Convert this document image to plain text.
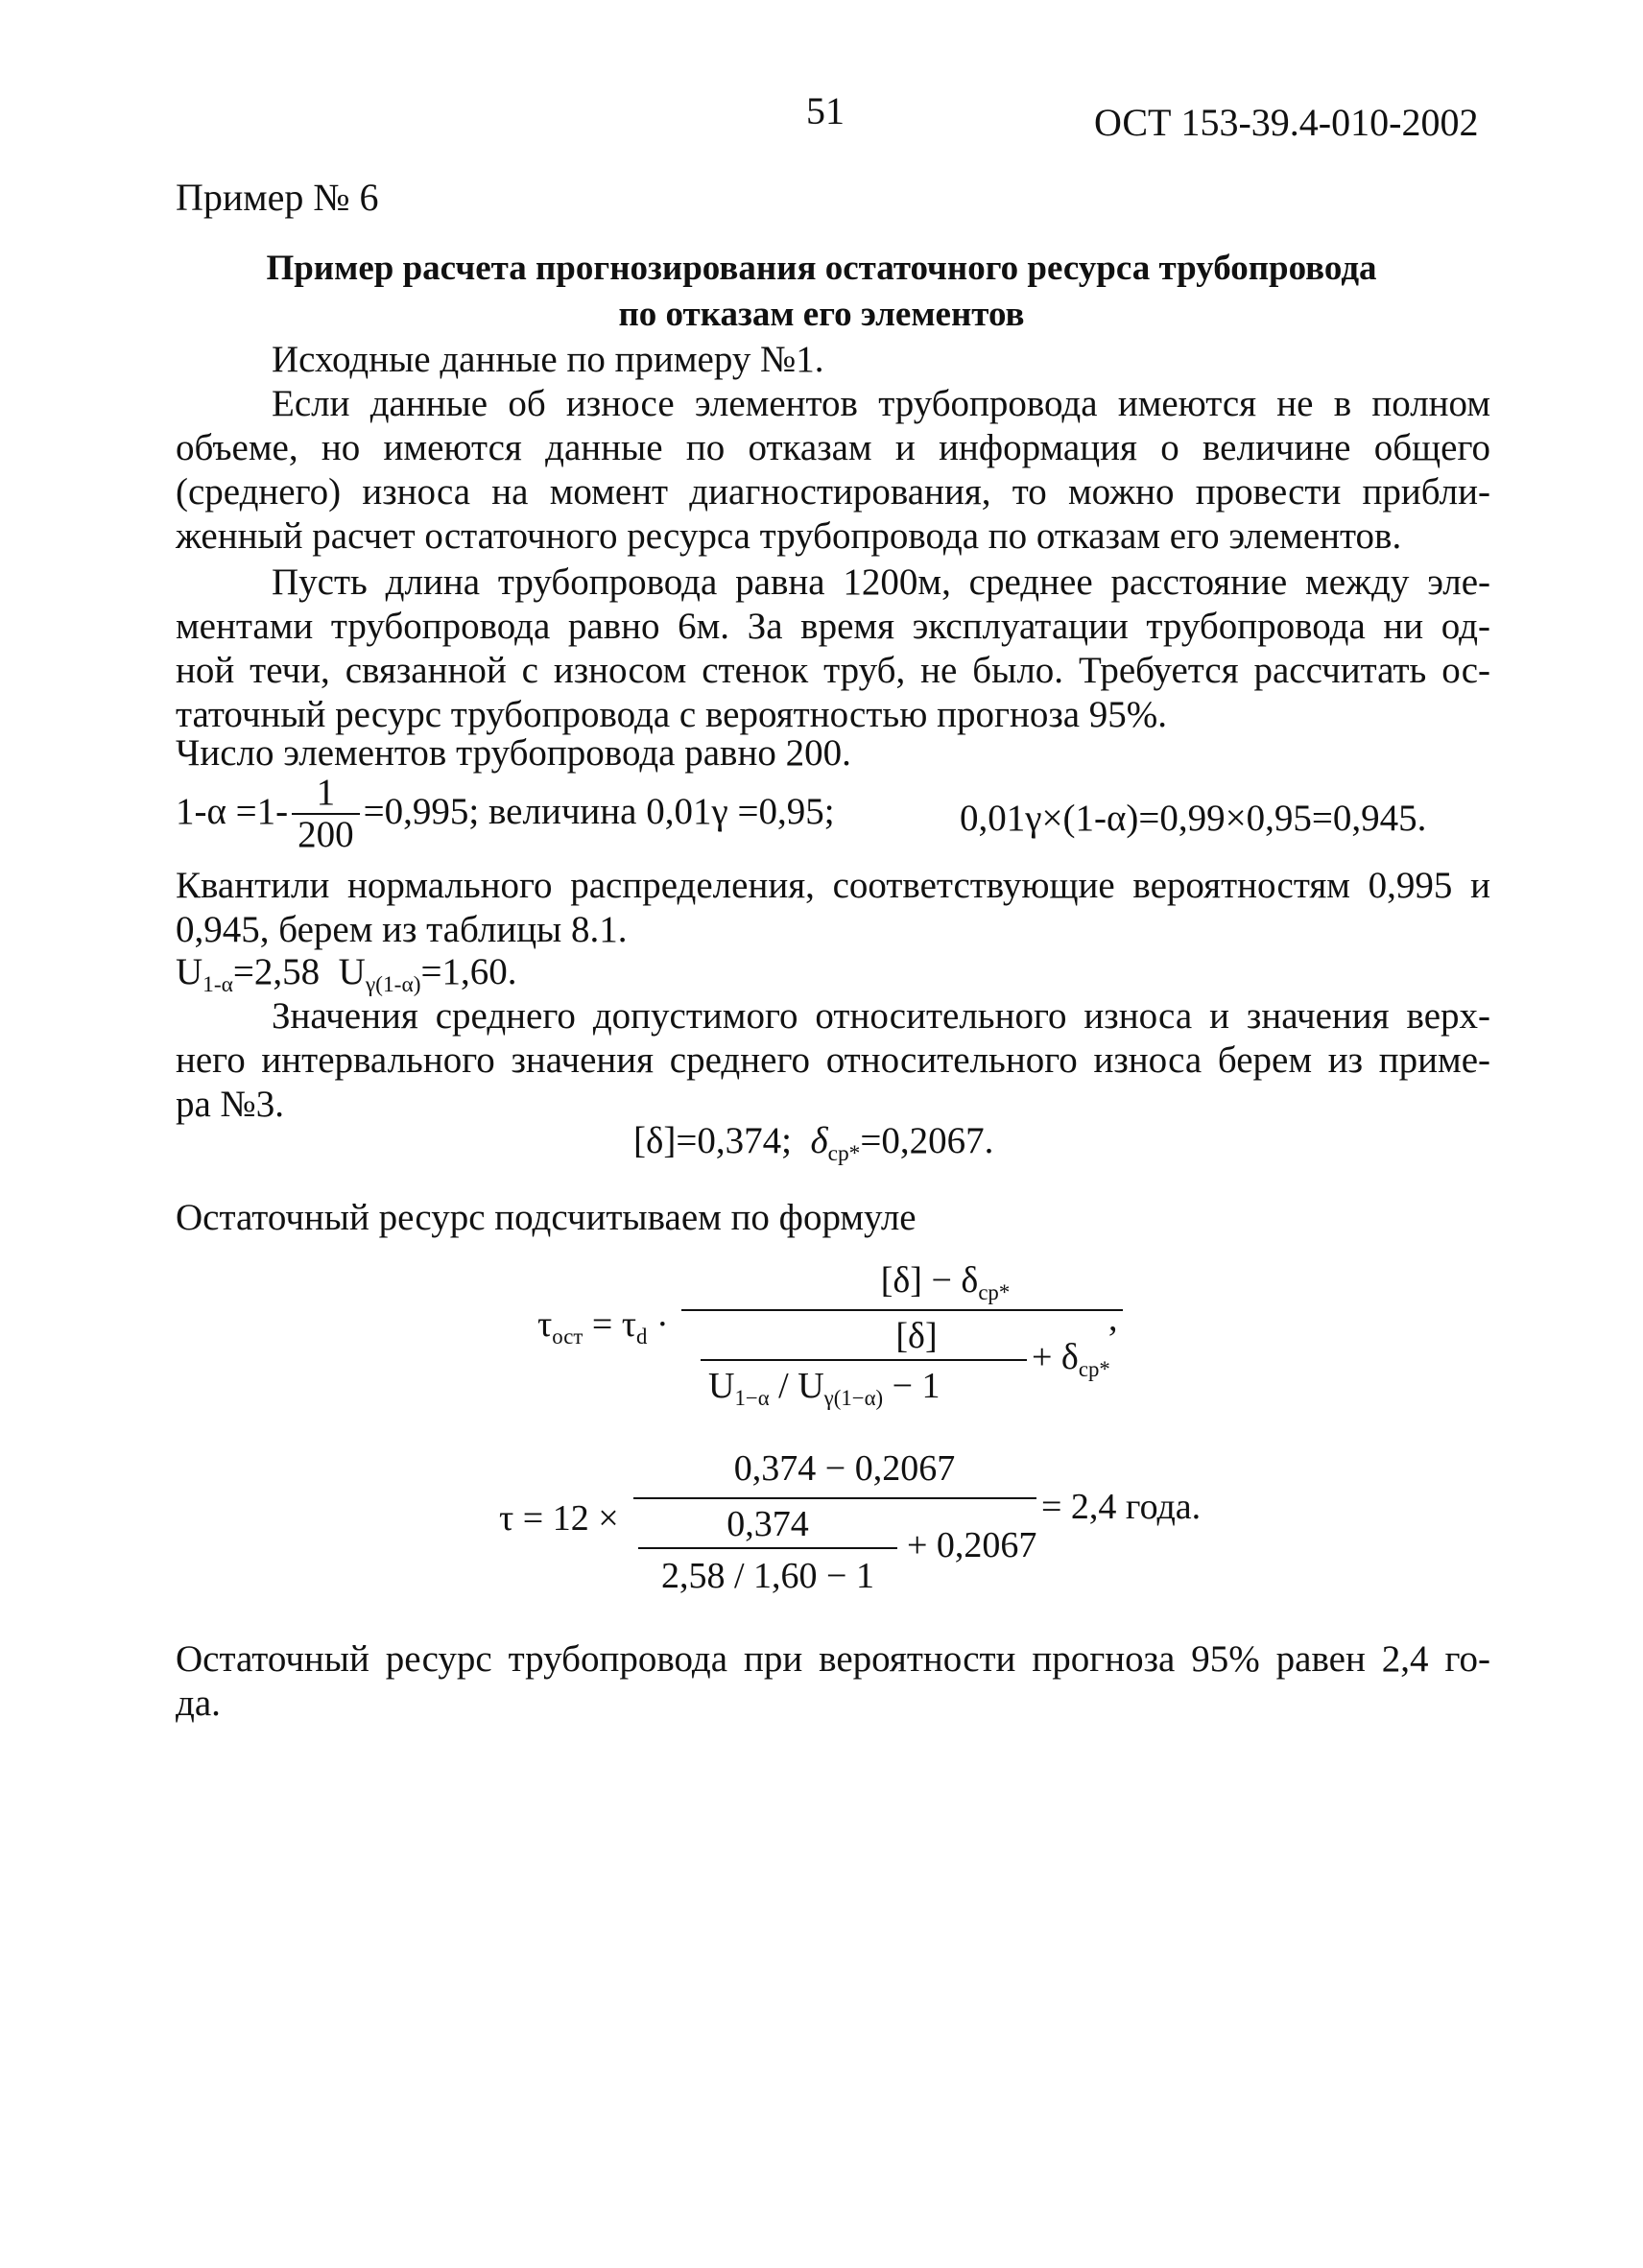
51	ОСТ 153-39.4-010-2002
Пример № 6
Пример расчета прогнозирования остаточного ресурса трубопровода
по отказам его элементов
Исходные данные по примеру №1.
Если данные об износе элементов трубопровода имеются не в полном
объеме, но имеются данные по отказам и информация о величине общего
(среднего) износа на момент диагностирования, то можно провести прибли-
женный расчет остаточного ресурса трубопровода по отказам его элементов.
Пусть длина трубопровода равна 1200м, среднее расстояние между эле-
ментами трубопровода равно 6м. За время эксплуатации трубопровода ни од-
ной течи, связанной с износом стенок труб, не было. Требуется рассчитать ос-
таточный ресурс трубопровода с вероятностью прогноза 95%.
Число элементов трубопровода равно 200.
$1-\alpha =1- \frac{1}{200} =0,995$; величина 0,01γ =0,95;	0,01γ×(1-α)=0,99×0,95=0,945.
Квантили нормального распределения, соответствующие вероятностям 0,995 и
0,945, берем из таблицы 8.1.
$U_{1-\alpha}=2,58$ $U_{\gamma(1-\alpha)}=1,60$.
Значения среднего допустимого относительного износа и значения верх-
него интервального значения среднего относительного износа берем из приме-
ра №3.
[δ]=0,374; $\delta_{ср*}=0,2067$.
Остаточный ресурс подсчитываем по формуле
$\tau_{ост} = \tau_d$ ·
$[\delta] - \delta_{ср*}$
,
[δ]
$U_{1-\alpha} / U_{\gamma(1-\alpha)} - 1$
+ $\delta_{ср*}$
τ = 12 ×
0,374 − 0,2067
= 2,4 года.
0,374
2,58 / 1,60 − 1
+ 0,2067
Остаточный ресурс трубопровода при вероятности прогноза 95% равен 2,4 го-
да.
